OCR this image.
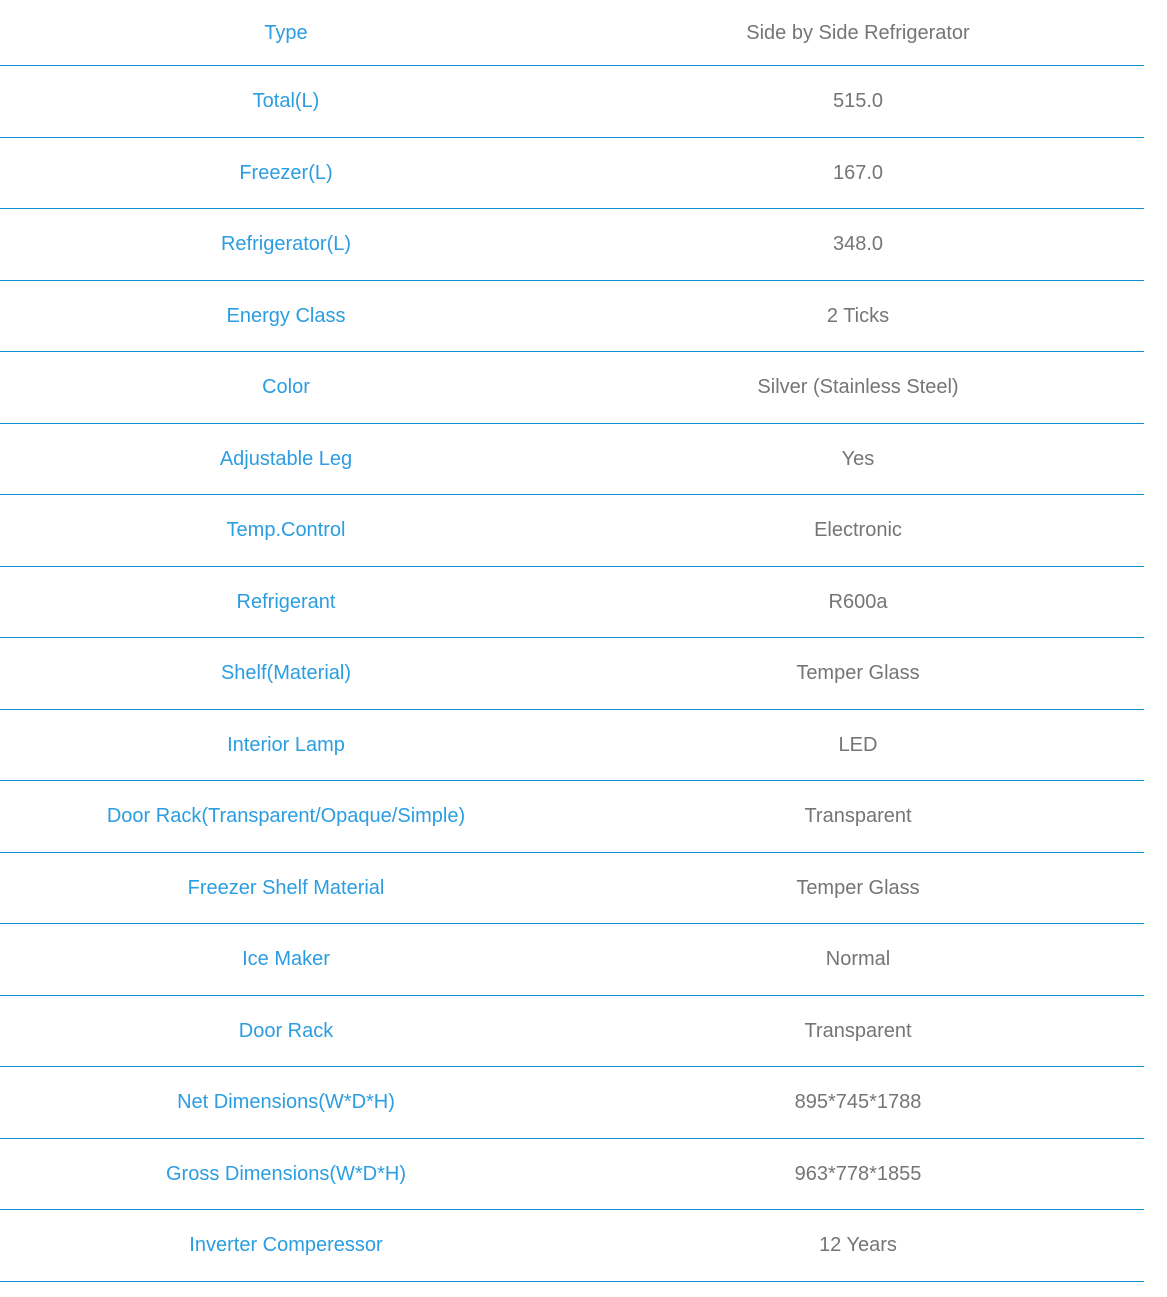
Type	Side by Side Refrigerator
Total(L)	515.0
Freezer(L)	167.0
Refrigerator(L)	348.0
Energy Class	2 Ticks
Color	Silver (Stainless Steel)
Adjustable Leg	Yes
Temp.Control	Electronic
Refrigerant	R600a
Shelf(Material)	Temper Glass
Interior Lamp	LED
Door Rack(Transparent/Opaque/Simple)	Transparent
Freezer Shelf Material	Temper Glass
Ice Maker	Normal
Door Rack	Transparent
Net Dimensions(W*D*H)	895*745*1788
Gross Dimensions(W*D*H)	963*778*1855
Inverter Comperessor	12 Years
